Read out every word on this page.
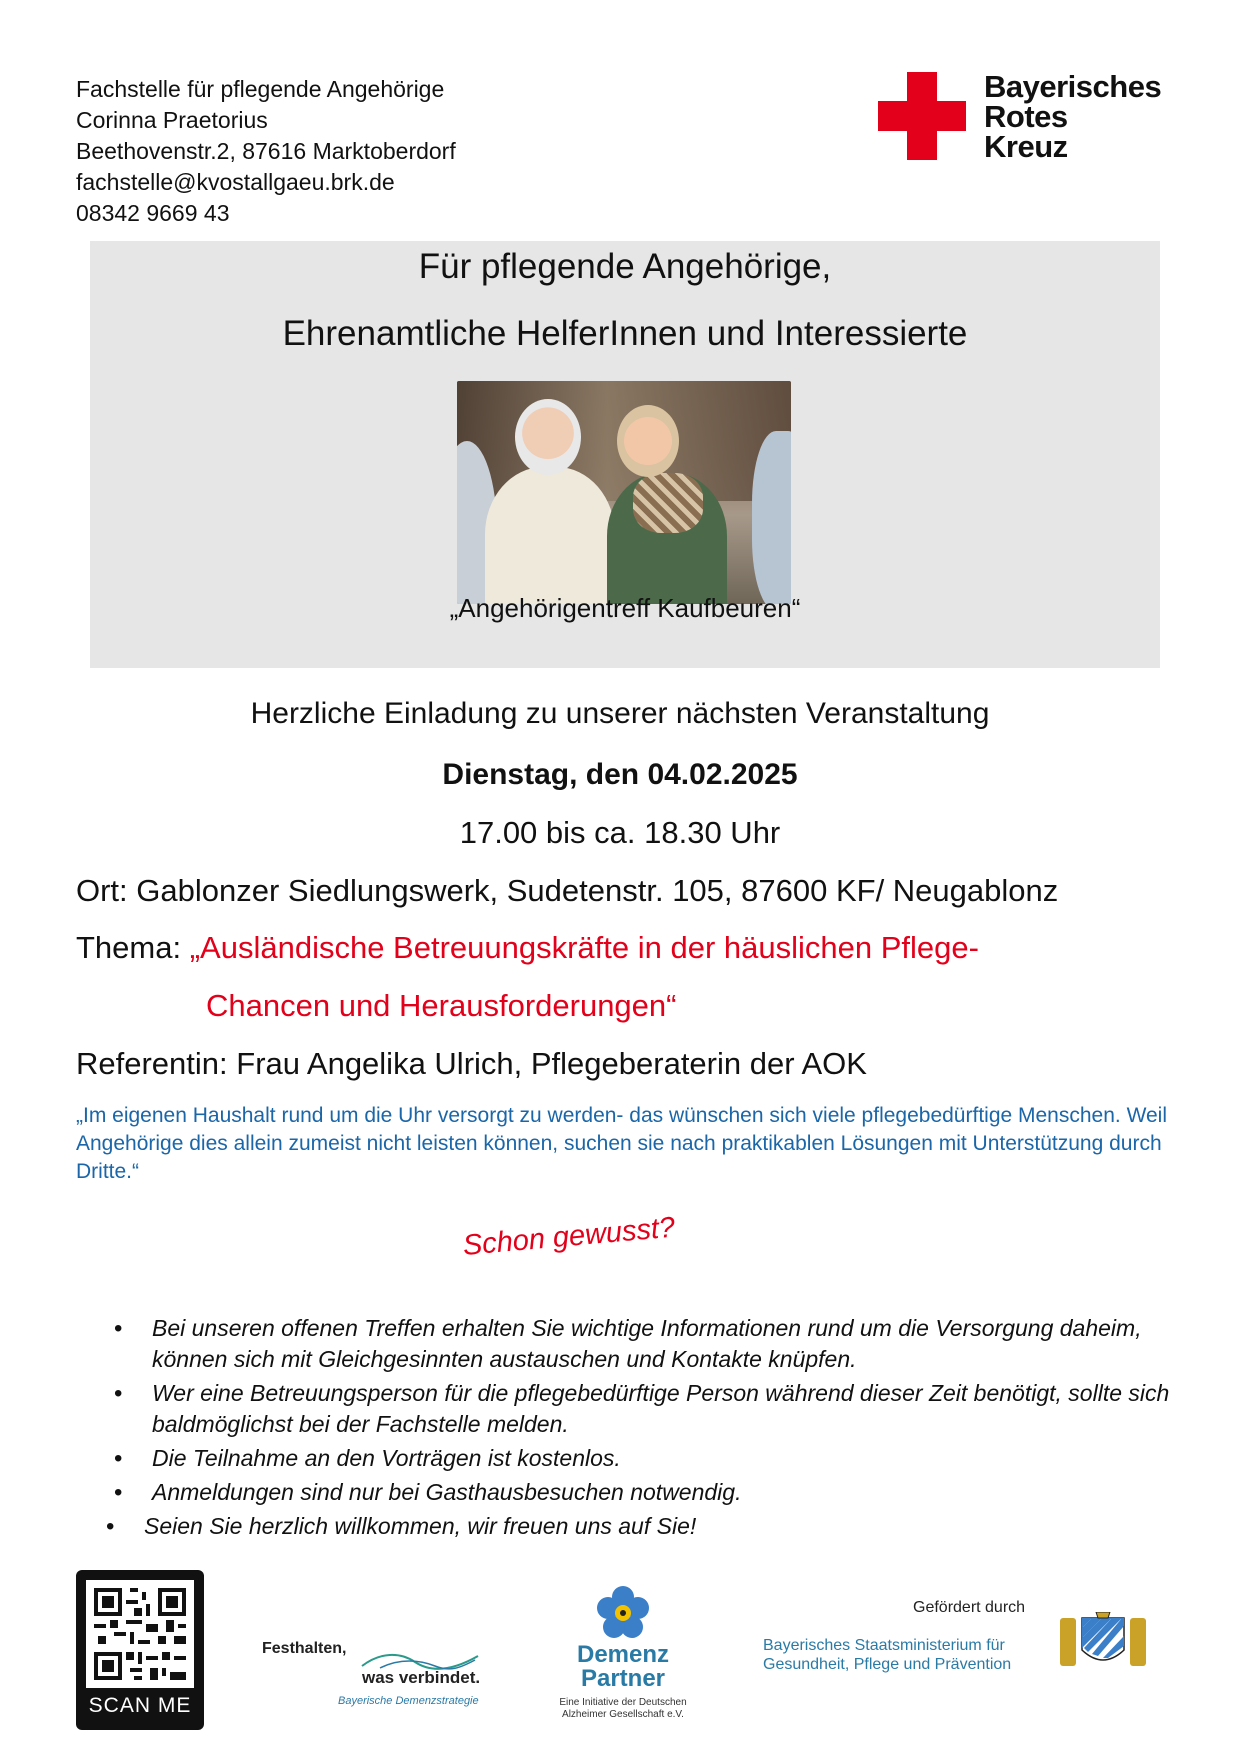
Fachstelle für pflegende Angehörige
Corinna Praetorius
Beethovenstr.2, 87616 Marktoberdorf
fachstelle@kvostallgaeu.brk.de
08342 9669 43
Bayerisches
Rotes
Kreuz
Für pflegende Angehörige,
Ehrenamtliche HelferInnen und Interessierte
„Angehörigentreff Kaufbeuren“
Herzliche Einladung zu unserer nächsten Veranstaltung
Dienstag, den 04.02.2025
17.00 bis ca. 18.30 Uhr
Ort: Gablonzer Siedlungswerk, Sudetenstr. 105, 87600 KF/ Neugablonz
Thema: „Ausländische Betreuungskräfte in der häuslichen Pflege-
Chancen und Herausforderungen“
Referentin: Frau Angelika Ulrich, Pflegeberaterin der AOK
„Im eigenen Haushalt rund um die Uhr versorgt zu werden- das wünschen sich viele pflegebedürftige Menschen. Weil Angehörige dies allein zumeist nicht leisten können, suchen sie nach praktikablen Lösungen mit Unterstützung durch Dritte.“
Schon gewusst?
• Bei unseren offenen Treffen erhalten Sie wichtige Informationen rund um die Versorgung daheim, können sich mit Gleichgesinnten austauschen und Kontakte knüpfen.
• Wer eine Betreuungsperson für die pflegebedürftige Person während dieser Zeit benötigt, sollte sich baldmöglichst bei der Fachstelle melden.
• Die Teilnahme an den Vorträgen ist kostenlos.
• Anmeldungen sind nur bei Gasthausbesuchen notwendig.
• Seien Sie herzlich willkommen, wir freuen uns auf Sie!
SCAN ME
Festhalten,
was verbindet.
Bayerische Demenzstrategie
Demenz
Partner
Eine Initiative der Deutschen Alzheimer Gesellschaft e.V.
Gefördert durch
Bayerisches Staatsministerium für
Gesundheit, Pflege und Prävention
